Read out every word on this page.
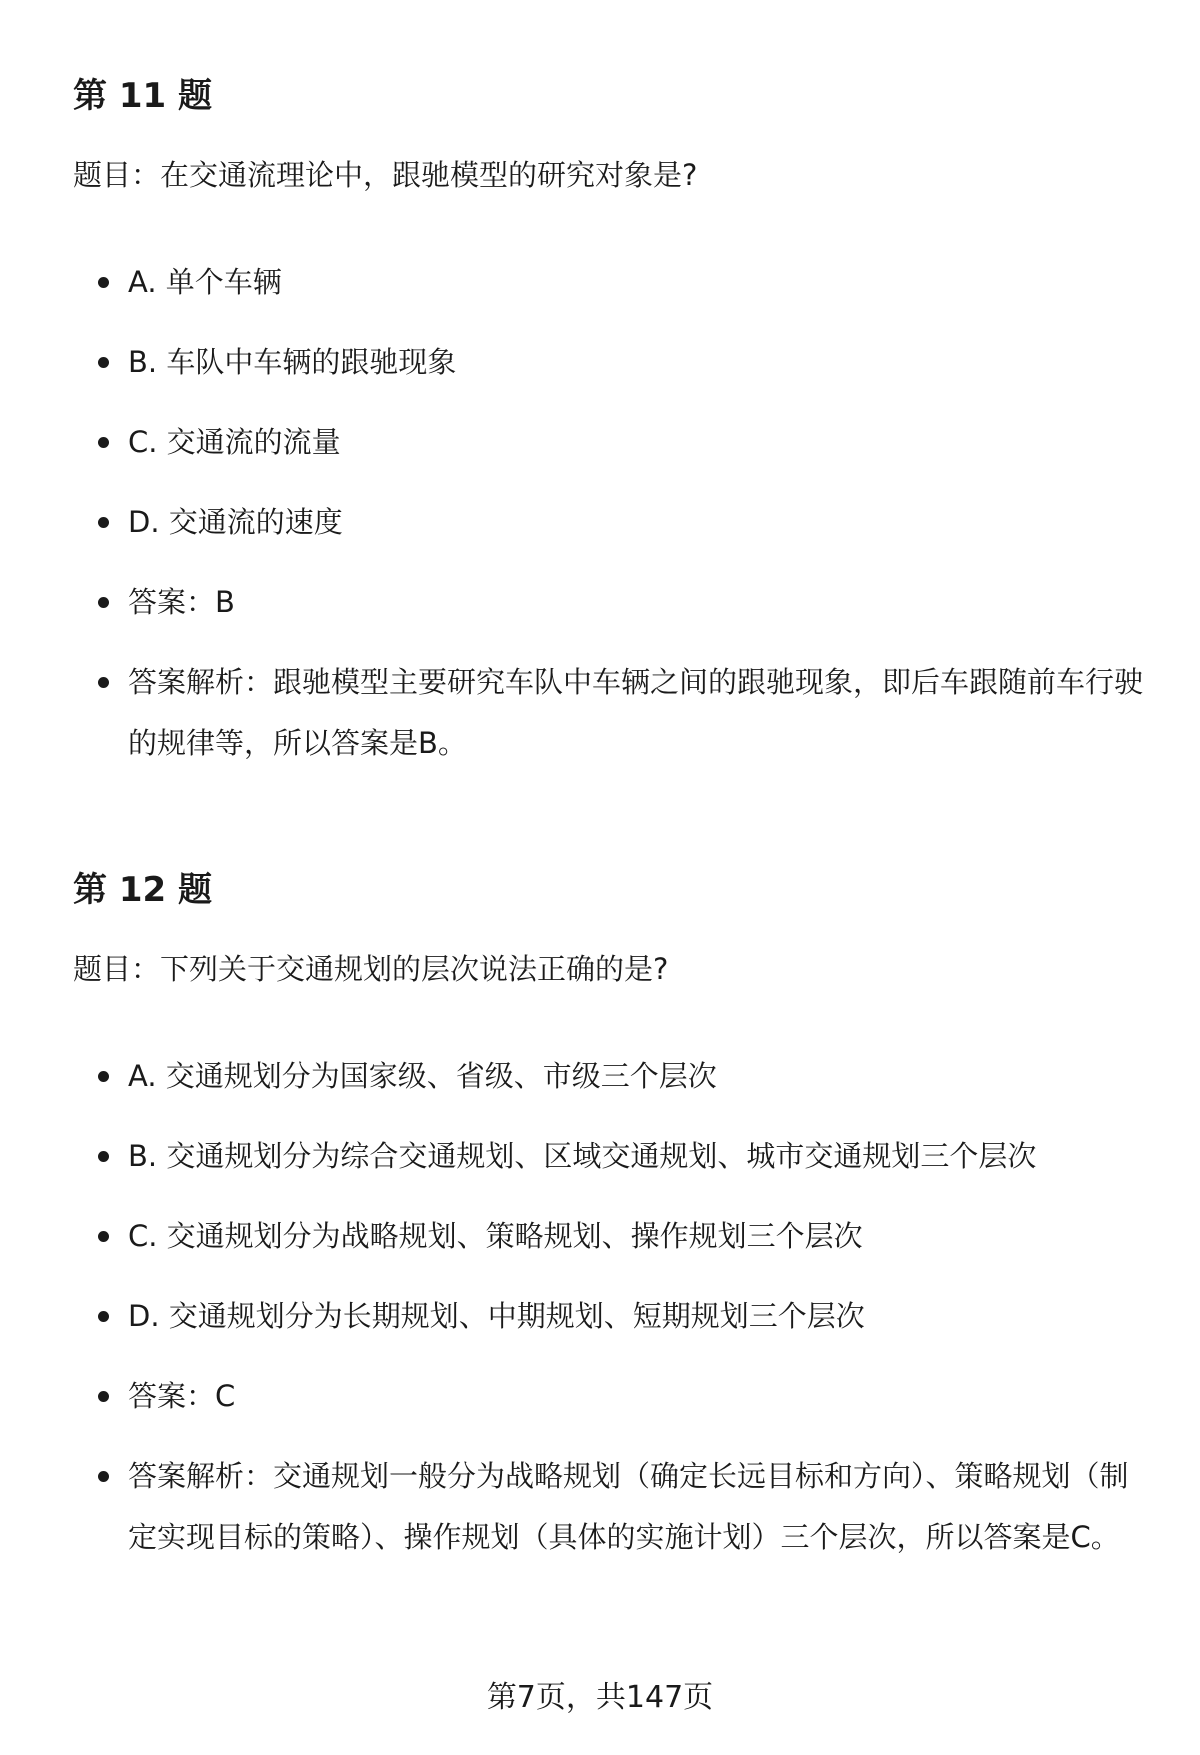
第 11 题
题目：在交通流理论中，跟驰模型的研究对象是?
A. 单个车辆
B. 车队中车辆的跟驰现象
C. 交通流的流量
D. 交通流的速度
答案：B
答案解析：跟驰模型主要研究车队中车辆之间的跟驰现象，即后车跟随前车行驶的规律等，所以答案是B。
第 12 题
题目：下列关于交通规划的层次说法正确的是?
A. 交通规划分为国家级、省级、市级三个层次
B. 交通规划分为综合交通规划、区域交通规划、城市交通规划三个层次
C. 交通规划分为战略规划、策略规划、操作规划三个层次
D. 交通规划分为长期规划、中期规划、短期规划三个层次
答案：C
答案解析：交通规划一般分为战略规划（确定长远目标和方向）、策略规划（制定实现目标的策略）、操作规划（具体的实施计划）三个层次，所以答案是C。
第7页，共147页
